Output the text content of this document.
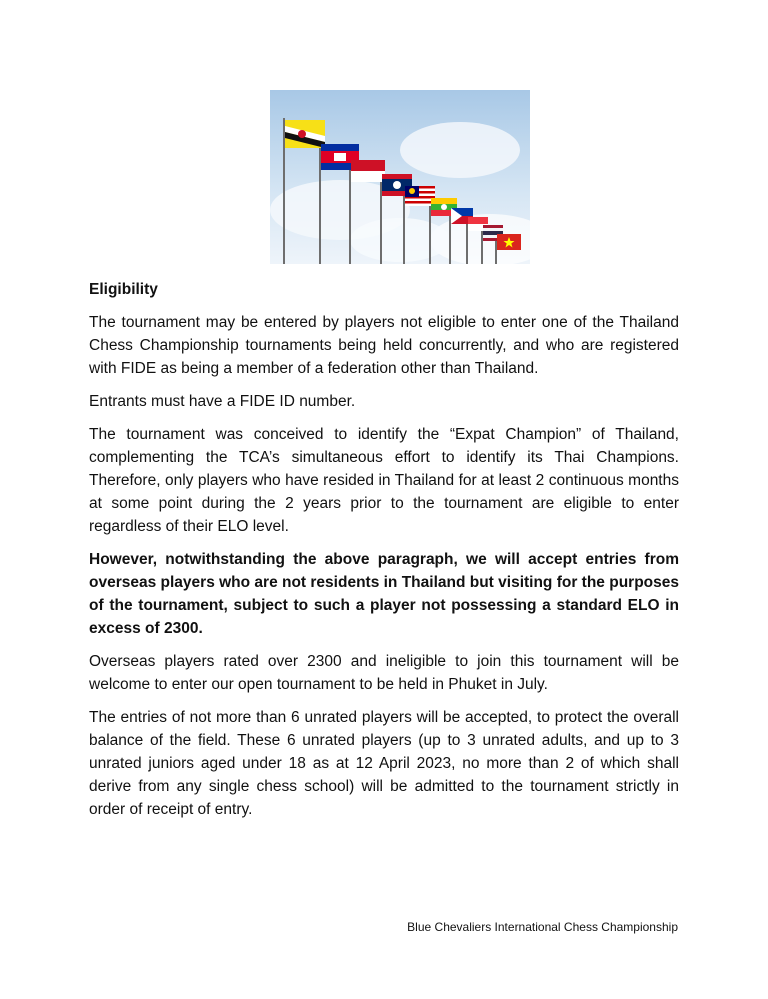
Eligibility

The tournament may be entered by players not eligible to enter one of the Thailand Chess Championship tournaments being held concurrently, and who are registered with FIDE as being a member of a federation other than Thailand.

Entrants must have a FIDE ID number.

The tournament was conceived to identify the “Expat Champion” of Thailand, complementing the TCA’s simultaneous effort to identify its Thai Champions. Therefore, only players who have resided in Thailand for at least 2 continuous months at some point during the 2 years prior to the tournament are eligible to enter regardless of their ELO level.

However, notwithstanding the above paragraph, we will accept entries from overseas players who are not residents in Thailand but visiting for the purposes of the tournament, subject to such a player not possessing a standard ELO in excess of 2300.

Overseas players rated over 2300 and ineligible to join this tournament will be welcome to enter our open tournament to be held in Phuket in July.

The entries of not more than 6 unrated players will be accepted, to protect the overall balance of the field. These 6 unrated players (up to 3 unrated adults, and up to 3 unrated juniors aged under 18 as at 12 April 2023, no more than 2 of which shall derive from any single chess school) will be admitted to the tournament strictly in order of receipt of entry.

Blue Chevaliers International Chess Championship
